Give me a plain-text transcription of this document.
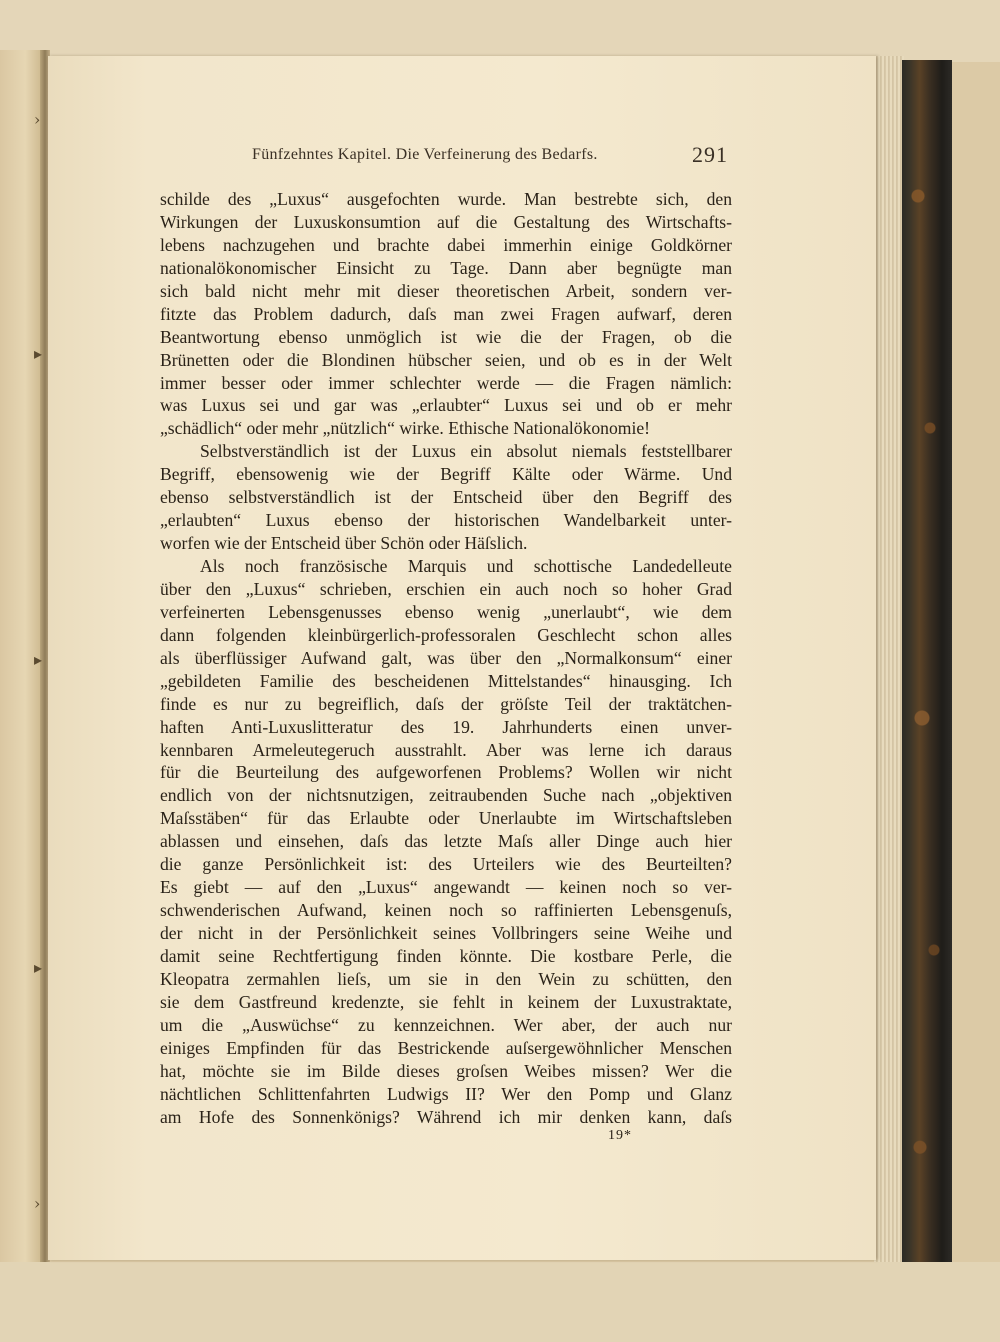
›
▸
▸
▸
›
Fünfzehntes Kapitel. Die Verfeinerung des Bedarfs.	291
schilde des „Luxus“ ausgefochten wurde. Man bestrebte sich, den
Wirkungen der Luxuskonsumtion auf die Gestaltung des Wirtschafts-
lebens nachzugehen und brachte dabei immerhin einige Goldkörner
nationalökonomischer Einsicht zu Tage. Dann aber begnügte man
sich bald nicht mehr mit dieser theoretischen Arbeit, sondern ver-
fitzte das Problem dadurch, daſs man zwei Fragen aufwarf, deren
Beantwortung ebenso unmöglich ist wie die der Fragen, ob die
Brünetten oder die Blondinen hübscher seien, und ob es in der Welt
immer besser oder immer schlechter werde — die Fragen nämlich:
was Luxus sei und gar was „erlaubter“ Luxus sei und ob er mehr
„schädlich“ oder mehr „nützlich“ wirke. Ethische Nationalökonomie!
Selbstverständlich ist der Luxus ein absolut niemals feststellbarer
Begriff, ebensowenig wie der Begriff Kälte oder Wärme. Und
ebenso selbstverständlich ist der Entscheid über den Begriff des
„erlaubten“ Luxus ebenso der historischen Wandelbarkeit unter-
worfen wie der Entscheid über Schön oder Häſslich.
Als noch französische Marquis und schottische Landedelleute
über den „Luxus“ schrieben, erschien ein auch noch so hoher Grad
verfeinerten Lebensgenusses ebenso wenig „unerlaubt“, wie dem
dann folgenden kleinbürgerlich-professoralen Geschlecht schon alles
als überflüssiger Aufwand galt, was über den „Normalkonsum“ einer
„gebildeten Familie des bescheidenen Mittelstandes“ hinausging. Ich
finde es nur zu begreiflich, daſs der gröſste Teil der traktätchen-
haften Anti-Luxuslitteratur des 19. Jahrhunderts einen unver-
kennbaren Armeleutegeruch ausstrahlt. Aber was lerne ich daraus
für die Beurteilung des aufgeworfenen Problems? Wollen wir nicht
endlich von der nichtsnutzigen, zeitraubenden Suche nach „objektiven
Maſsstäben“ für das Erlaubte oder Unerlaubte im Wirtschaftsleben
ablassen und einsehen, daſs das letzte Maſs aller Dinge auch hier
die ganze Persönlichkeit ist: des Urteilers wie des Beurteilten?
Es giebt — auf den „Luxus“ angewandt — keinen noch so ver-
schwenderischen Aufwand, keinen noch so raffinierten Lebensgenuſs,
der nicht in der Persönlichkeit seines Vollbringers seine Weihe und
damit seine Rechtfertigung finden könnte. Die kostbare Perle, die
Kleopatra zermahlen lieſs, um sie in den Wein zu schütten, den
sie dem Gastfreund kredenzte, sie fehlt in keinem der Luxustraktate,
um die „Auswüchse“ zu kennzeichnen. Wer aber, der auch nur
einiges Empfinden für das Bestrickende auſsergewöhnlicher Menschen
hat, möchte sie im Bilde dieses groſsen Weibes missen? Wer die
nächtlichen Schlittenfahrten Ludwigs II? Wer den Pomp und Glanz
am Hofe des Sonnenkönigs? Während ich mir denken kann, daſs
19*
